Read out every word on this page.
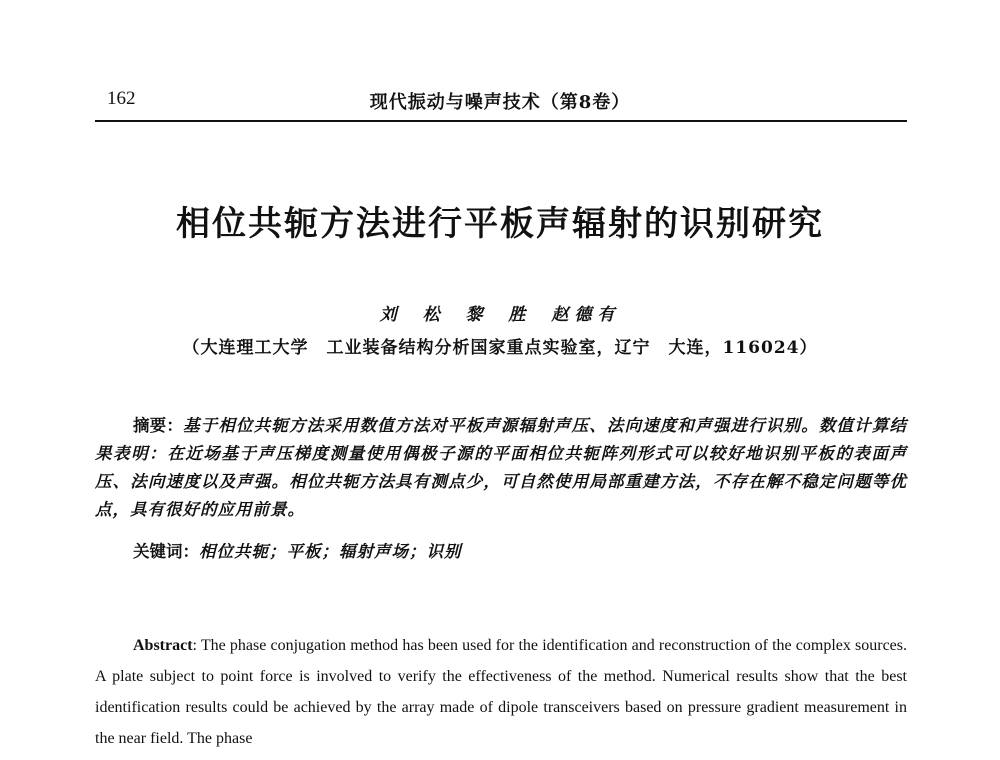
162	现代振动与噪声技术（第8卷）
相位共轭方法进行平板声辐射的识别研究
刘 松 黎 胜 赵德有
（大连理工大学　工业装备结构分析国家重点实验室，辽宁　大连，116024）

摘要：基于相位共轭方法采用数值方法对平板声源辐射声压、法向速度和声强进行识别。数值计算结果表明：在近场基于声压梯度测量使用偶极子源的平面相位共轭阵列形式可以较好地识别平板的表面声压、法向速度以及声强。相位共轭方法具有测点少，可自然使用局部重建方法，不存在解不稳定问题等优点，具有很好的应用前景。

关键词：相位共轭；平板；辐射声场；识别

Abstract: The phase conjugation method has been used for the identification and reconstruction of the complex sources. A plate subject to point force is involved to verify the effectiveness of the method. Numerical results show that the best identification results could be achieved by the array made of dipole transceivers based on pressure gradient measurement in the near field. The phase
